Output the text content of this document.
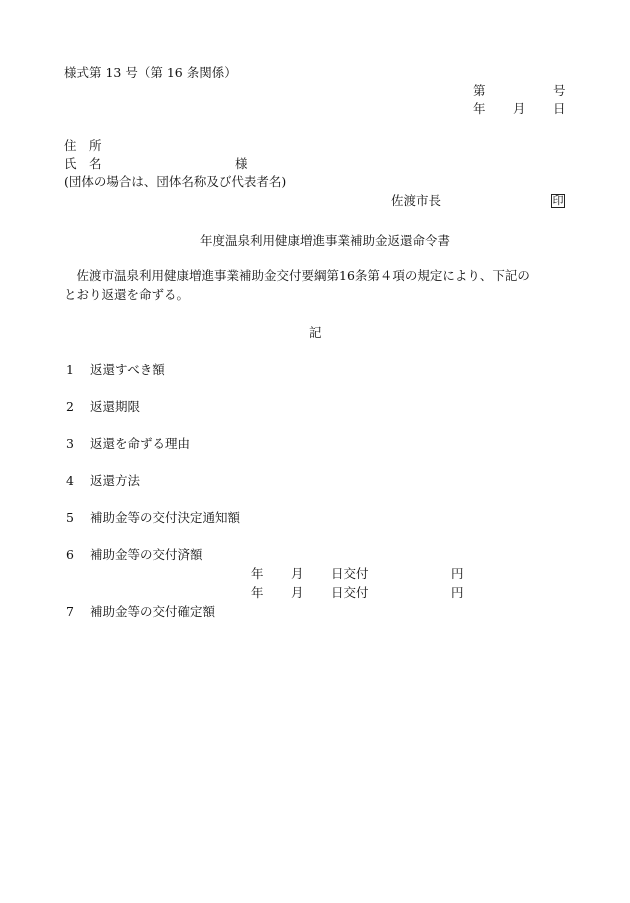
様式第 13 号（第 16 条関係）
第	号
年 月 日
住　所
氏　名	様
(団体の場合は、団体名称及び代表者名)
佐渡市長	印
年度温泉利用健康増進事業補助金返還命令書
　佐渡市温泉利用健康増進事業補助金交付要綱第16条第４項の規定により、下記の
とおり返還を命ずる。
記
1 返還すべき額
2 返還期限
3 返還を命ずる理由
4 返還方法
5 補助金等の交付決定通知額
6 補助金等の交付済額
年 月 日交付	円
年 月 日交付	円
7 補助金等の交付確定額
